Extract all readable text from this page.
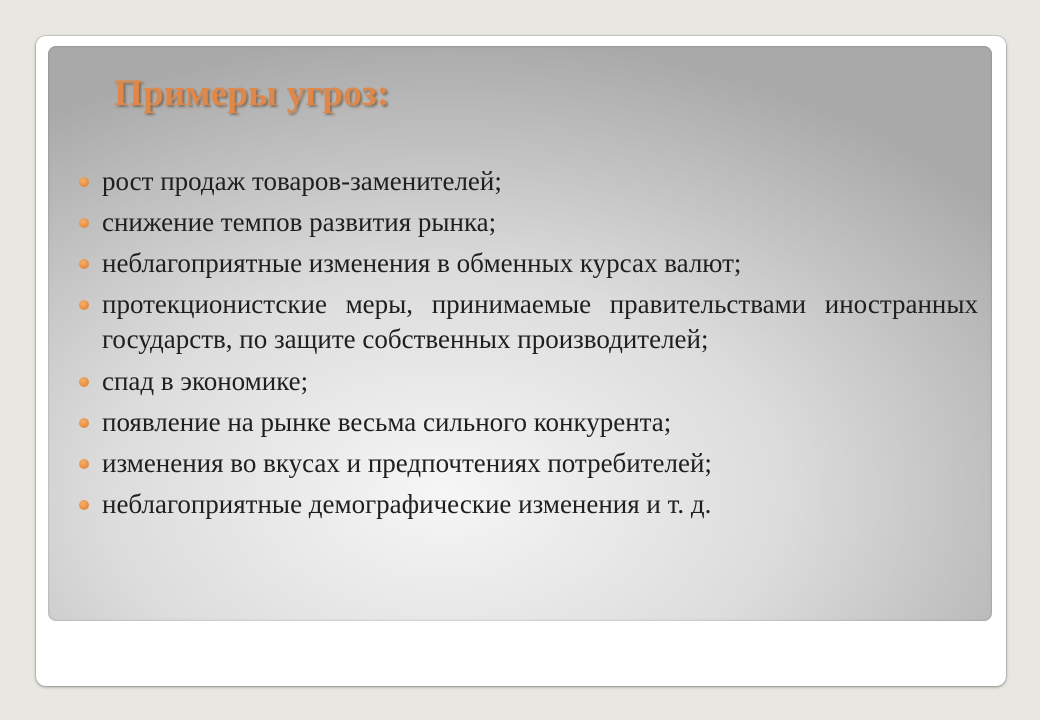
Примеры угроз:
рост продаж товаров-заменителей;
снижение темпов развития рынка;
неблагоприятные изменения в обменных курсах валют;
протекционистские меры, принимаемые правительствами иностранных государств, по защите собственных производителей;
спад в экономике;
появление на рынке весьма сильного конкурента;
изменения во вкусах и предпочтениях потребителей;
неблагоприятные демографические изменения и т. д.
